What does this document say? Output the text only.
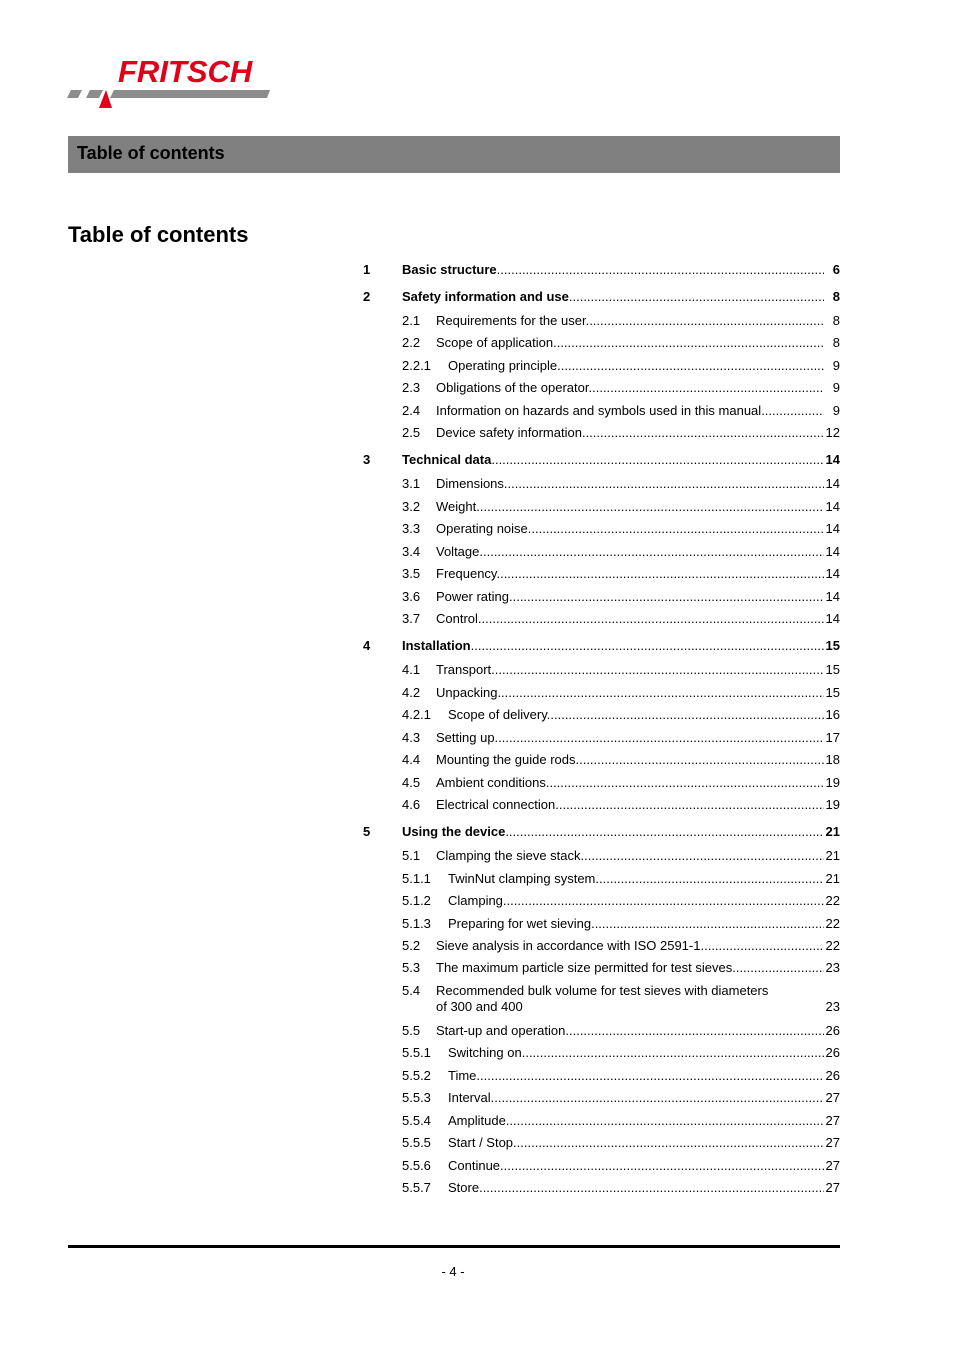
FRITSCH
Table of contents
Table of contents
1 Basic structure .....	6
2 Safety information and use .....	8
2.1 Requirements for the user .....	8
2.2 Scope of application .....	8
2.2.1 Operating principle .....	9
2.3 Obligations of the operator .....	9
2.4 Information on hazards and symbols used in this manual .....	9
2.5 Device safety information .....	12
3 Technical data .....	14
3.1 Dimensions .....	14
3.2 Weight .....	14
3.3 Operating noise .....	14
3.4 Voltage .....	14
3.5 Frequency .....	14
3.6 Power rating .....	14
3.7 Control .....	14
4 Installation .....	15
4.1 Transport .....	15
4.2 Unpacking .....	15
4.2.1 Scope of delivery .....	16
4.3 Setting up .....	17
4.4 Mounting the guide rods .....	18
4.5 Ambient conditions .....	19
4.6 Electrical connection .....	19
5 Using the device .....	21
5.1 Clamping the sieve stack .....	21
5.1.1 TwinNut clamping system .....	21
5.1.2 Clamping .....	22
5.1.3 Preparing for wet sieving .....	22
5.2 Sieve analysis in accordance with ISO 2591-1 .....	22
5.3 The maximum particle size permitted for test sieves .....	23
5.4 Recommended bulk volume for test sieves with diameters
of 300 and 400 .....	23
5.5 Start-up and operation .....	26
5.5.1 Switching on .....	26
5.5.2 Time .....	26
5.5.3 Interval .....	27
5.5.4 Amplitude .....	27
5.5.5 Start / Stop .....	27
5.5.6 Continue .....	27
5.5.7 Store .....	27
- 4 -
